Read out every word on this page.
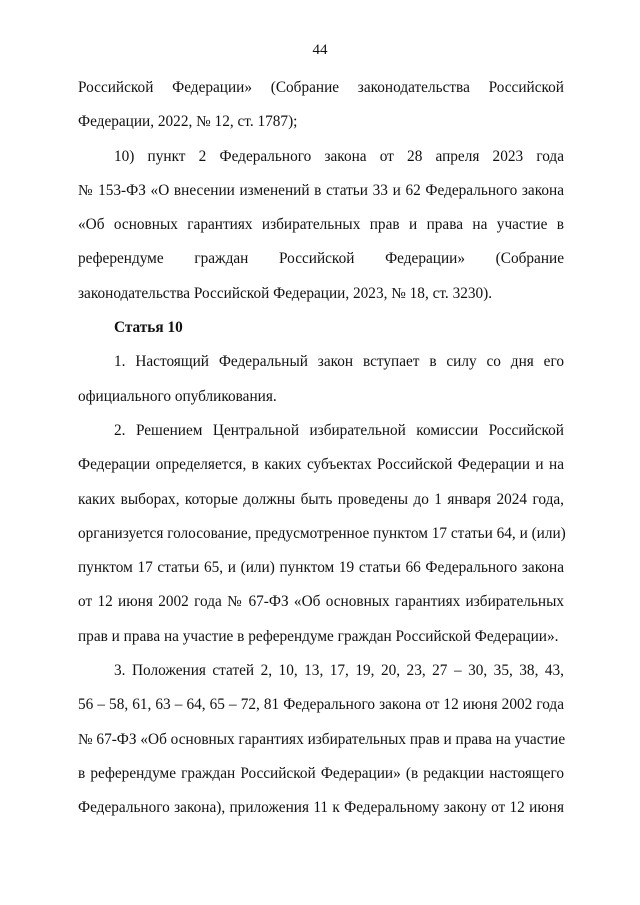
44
Российской Федерации» (Собрание законодательства Российской
Федерации, 2022, № 12, ст. 1787);
10) пункт 2 Федерального закона от 28 апреля 2023 года
№ 153-ФЗ «О внесении изменений в статьи 33 и 62 Федерального закона
«Об основных гарантиях избирательных прав и права на участие в
референдуме граждан Российской Федерации» (Собрание
законодательства Российской Федерации, 2023, № 18, ст. 3230).
Статья 10
1. Настоящий Федеральный закон вступает в силу со дня его
официального опубликования.
2. Решением Центральной избирательной комиссии Российской
Федерации определяется, в каких субъектах Российской Федерации и на
каких выборах, которые должны быть проведены до 1 января 2024 года,
организуется голосование, предусмотренное пунктом 17 статьи 64, и (или)
пунктом 17 статьи 65, и (или) пунктом 19 статьи 66 Федерального закона
от 12 июня 2002 года № 67-ФЗ «Об основных гарантиях избирательных
прав и права на участие в референдуме граждан Российской Федерации».
3. Положения статей 2, 10, 13, 17, 19, 20, 23, 27 – 30, 35, 38, 43,
56 – 58, 61, 63 – 64, 65 – 72, 81 Федерального закона от 12 июня 2002 года
№ 67-ФЗ «Об основных гарантиях избирательных прав и права на участие
в референдуме граждан Российской Федерации» (в редакции настоящего
Федерального закона), приложения 11 к Федеральному закону от 12 июня
